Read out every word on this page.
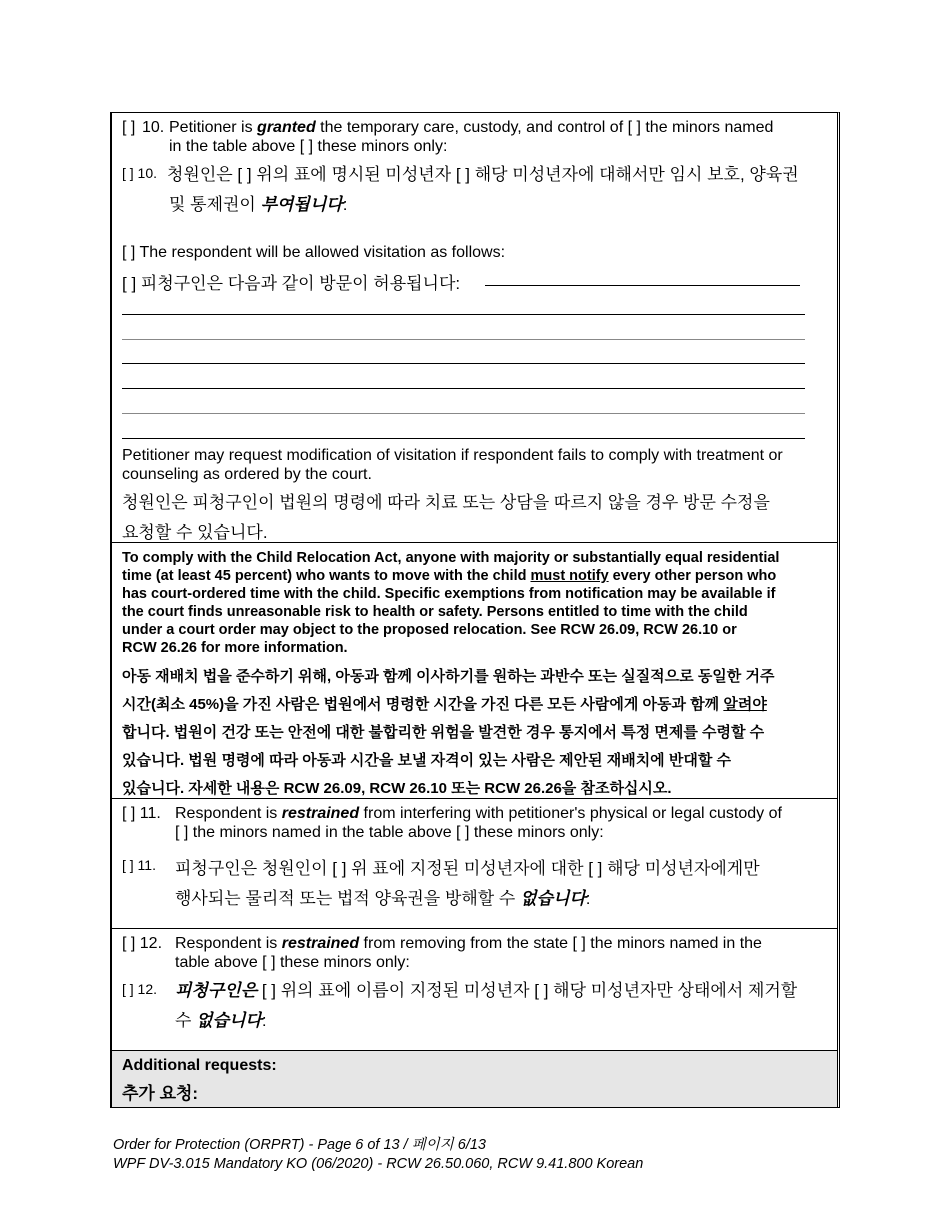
[ ] 10. Petitioner is granted the temporary care, custody, and control of [ ] the minors named
in the table above [ ] these minors only:
[ ] 10. 청원인은 [ ] 위의 표에 명시된 미성년자 [ ] 해당 미성년자에 대해서만 임시 보호, 양육권
및 통제권이 부여됩니다:
[ ] The respondent will be allowed visitation as follows:
[ ] 피청구인은 다음과 같이 방문이 허용됩니다:
Petitioner may request modification of visitation if respondent fails to comply with treatment or
counseling as ordered by the court.
청원인은 피청구인이 법원의 명령에 따라 치료 또는 상담을 따르지 않을 경우 방문 수정을
요청할 수 있습니다.
To comply with the Child Relocation Act, anyone with majority or substantially equal residential
time (at least 45 percent) who wants to move with the child must notify every other person who
has court-ordered time with the child. Specific exemptions from notification may be available if
the court finds unreasonable risk to health or safety. Persons entitled to time with the child
under a court order may object to the proposed relocation. See RCW 26.09, RCW 26.10 or
RCW 26.26 for more information.
아동 재배치 법을 준수하기 위해, 아동과 함께 이사하기를 원하는 과반수 또는 실질적으로 동일한 거주
시간(최소 45%)을 가진 사람은 법원에서 명령한 시간을 가진 다른 모든 사람에게 아동과 함께 알려야
합니다. 법원이 건강 또는 안전에 대한 불합리한 위험을 발견한 경우 통지에서 특정 면제를 수령할 수
있습니다. 법원 명령에 따라 아동과 시간을 보낼 자격이 있는 사람은 제안된 재배치에 반대할 수
있습니다. 자세한 내용은 RCW 26.09, RCW 26.10 또는 RCW 26.26을 참조하십시오.
[ ] 11. Respondent is restrained from interfering with petitioner's physical or legal custody of
[ ] the minors named in the table above [ ] these minors only:
[ ] 11. 피청구인은 청원인이 [ ] 위 표에 지정된 미성년자에 대한 [ ] 해당 미성년자에게만
행사되는 물리적 또는 법적 양육권을 방해할 수 없습니다:
[ ] 12. Respondent is restrained from removing from the state [ ] the minors named in the
table above [ ] these minors only:
[ ] 12. 피청구인은 [ ] 위의 표에 이름이 지정된 미성년자 [ ] 해당 미성년자만 상태에서 제거할
수 없습니다:
Additional requests:
추가 요청:
Order for Protection (ORPRT) - Page 6 of 13 / 페이지 6/13
WPF DV-3.015 Mandatory KO (06/2020) - RCW 26.50.060, RCW 9.41.800 Korean
